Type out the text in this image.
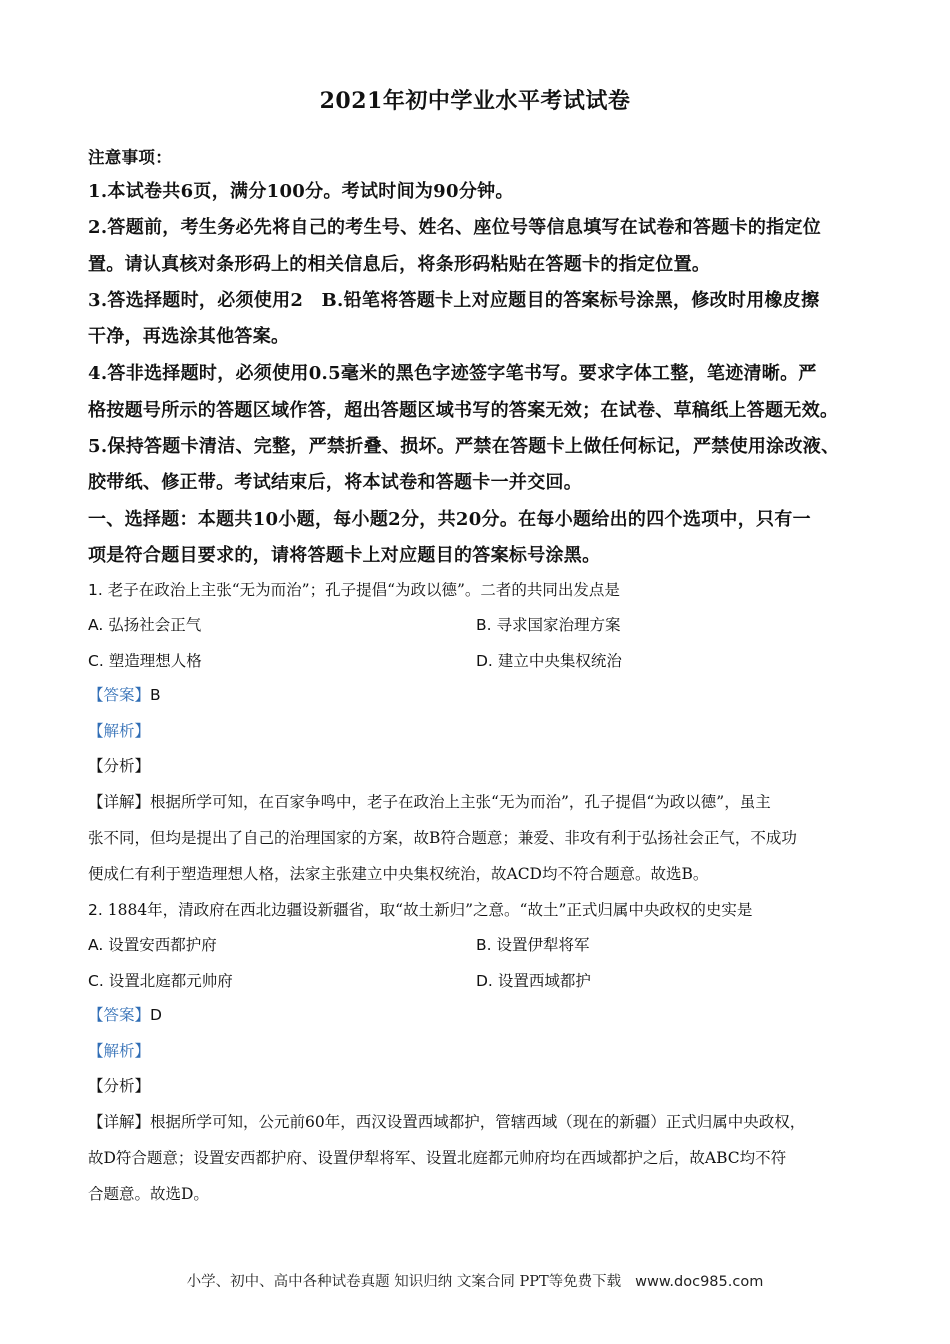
2021年初中学业水平考试试卷
注意事项：
1.本试卷共6页，满分100分。考试时间为90分钟。
2.答题前，考生务必先将自己的考生号、姓名、座位号等信息填写在试卷和答题卡的指定位
置。请认真核对条形码上的相关信息后，将条形码粘贴在答题卡的指定位置。
3.答选择题时，必须使用2　B.铅笔将答题卡上对应题目的答案标号涂黑，修改时用橡皮擦
干净，再选涂其他答案。
4.答非选择题时，必须使用0.5毫米的黑色字迹签字笔书写。要求字体工整，笔迹清晰。严
格按题号所示的答题区域作答，超出答题区域书写的答案无效；在试卷、草稿纸上答题无效。
5.保持答题卡清洁、完整，严禁折叠、损坏。严禁在答题卡上做任何标记，严禁使用涂改液、
胶带纸、修正带。考试结束后，将本试卷和答题卡一并交回。
一、选择题：本题共10小题，每小题2分，共20分。在每小题给出的四个选项中，只有一
项是符合题目要求的，请将答题卡上对应题目的答案标号涂黑。
1. 老子在政治上主张“无为而治”；孔子提倡“为政以德”。二者的共同出发点是
A. 弘扬社会正气	B. 寻求国家治理方案
C. 塑造理想人格	D. 建立中央集权统治
【答案】B
【解析】
【分析】
【详解】根据所学可知，在百家争鸣中，老子在政治上主张“无为而治”，孔子提倡“为政以德”，虽主
张不同，但均是提出了自己的治理国家的方案，故B符合题意；兼爱、非攻有利于弘扬社会正气，不成功
便成仁有利于塑造理想人格，法家主张建立中央集权统治，故ACD均不符合题意。故选B。
2. 1884年，清政府在西北边疆设新疆省，取“故土新归”之意。“故土”正式归属中央政权的史实是
A. 设置安西都护府	B. 设置伊犁将军
C. 设置北庭都元帅府	D. 设置西域都护
【答案】D
【解析】
【分析】
【详解】根据所学可知，公元前60年，西汉设置西域都护，管辖西域（现在的新疆）正式归属中央政权，
故D符合题意；设置安西都护府、设置伊犁将军、设置北庭都元帅府均在西域都护之后，故ABC均不符
合题意。故选D。
小学、初中、高中各种试卷真题 知识归纳 文案合同 PPT等免费下载 www.doc985.com
